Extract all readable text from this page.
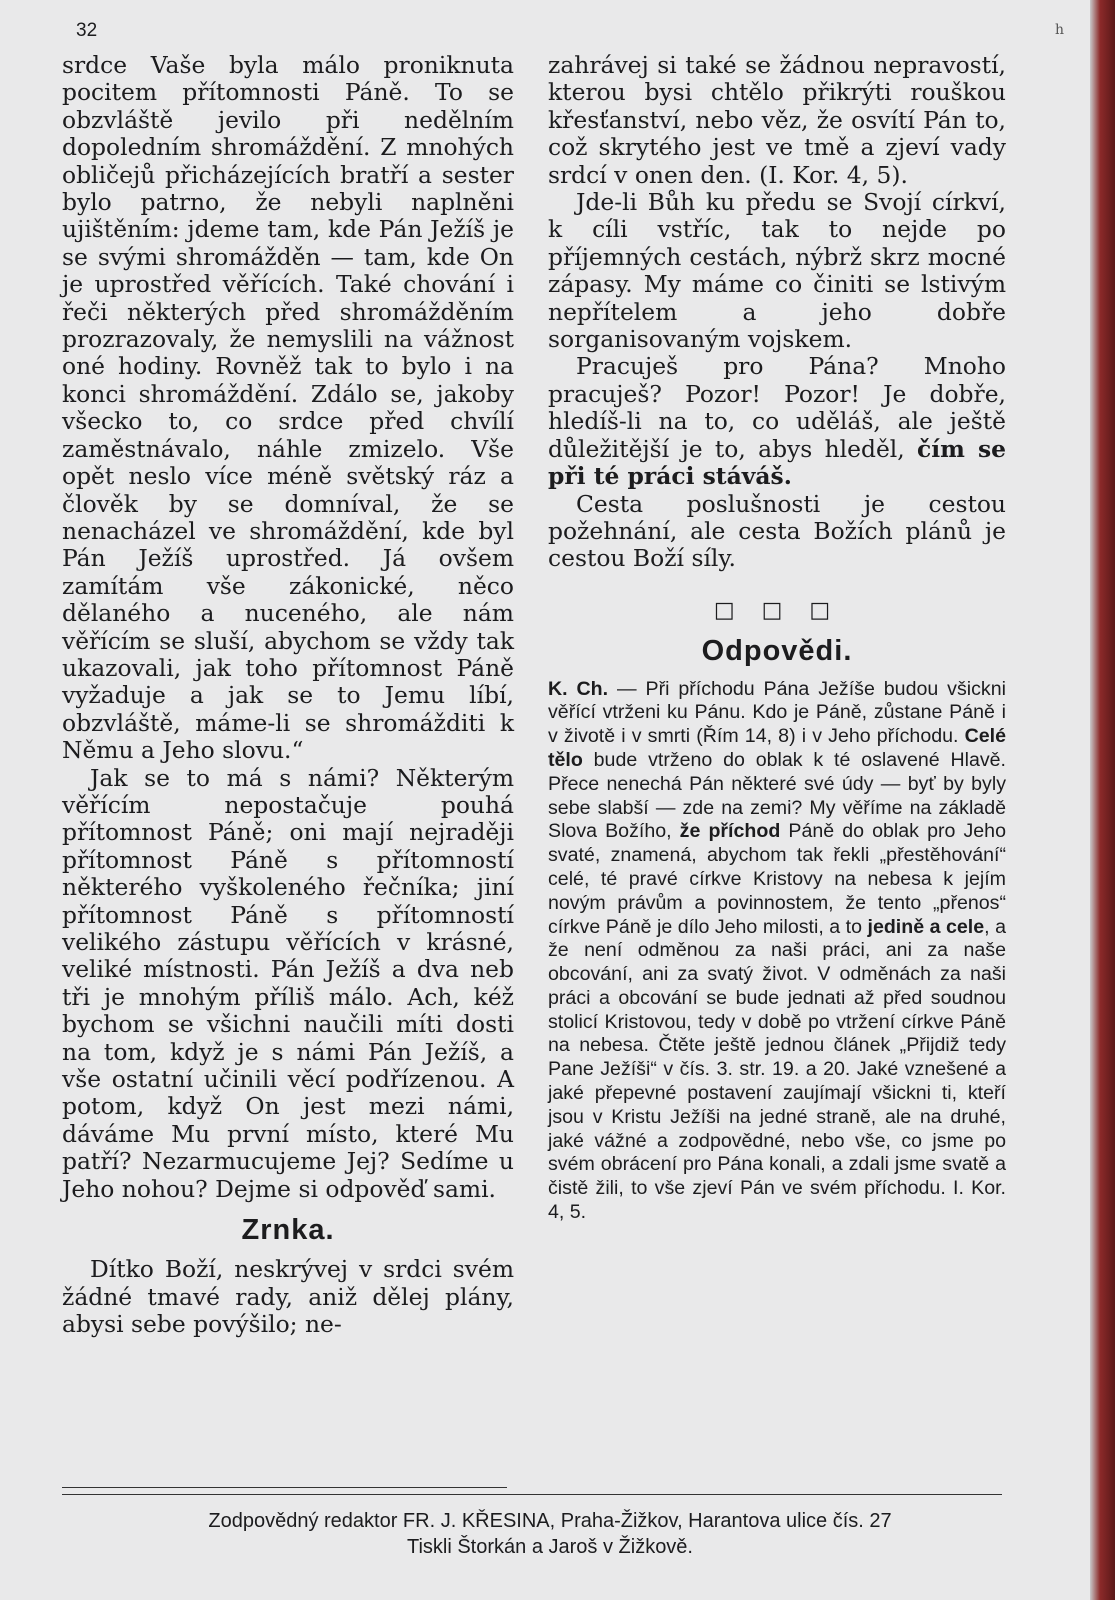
32	h

srdce Vaše byla málo proniknuta pocitem přítomnosti Páně. To se obzvláště jevilo při nedělním dopoledním shromáždění. Z mnohých obličejů přicházejících bratří a sester bylo patrno, že nebyli naplněni ujištěním: jdeme tam, kde Pán Ježíš je se svými shromážděn — tam, kde On je uprostřed věřících. Také chování i řeči některých před shromážděním prozrazovaly, že nemyslili na vážnost oné hodiny. Rovněž tak to bylo i na konci shromáždění. Zdálo se, jakoby všecko to, co srdce před chvílí zaměstnávalo, náhle zmizelo. Vše opět neslo více méně světský ráz a člověk by se domníval, že se nenacházel ve shromáždění, kde byl Pán Ježíš uprostřed. Já ovšem zamítám vše zákonické, něco dělaného a nuceného, ale nám věřícím se sluší, abychom se vždy tak ukazovali, jak toho přítomnost Páně vyžaduje a jak se to Jemu líbí, obzvláště, máme-li se shromážditi k Němu a Jeho slovu.“

Jak se to má s námi? Některým věřícím nepostačuje pouhá přítomnost Páně; oni mají nejraději přítomnost Páně s přítomností některého vyškoleného řečníka; jiní přítomnost Páně s přítomností velikého zástupu věřících v krásné, veliké místnosti. Pán Ježíš a dva neb tři je mnohým příliš málo. Ach, kéž bychom se všichni naučili míti dosti na tom, když je s námi Pán Ježíš, a vše ostatní učinili věcí podřízenou. A potom, když On jest mezi námi, dáváme Mu první místo, které Mu patří? Nezarmucujeme Jej? Sedíme u Jeho nohou? Dejme si odpověď sami.

Zrnka.

Dítko Boží, neskrývej v srdci svém žádné tmavé rady, aniž dělej plány, abysi sebe povýšilo; ne-

zahrávej si také se žádnou nepravostí, kterou bysi chtělo přikrýti rouškou křesťanství, nebo věz, že osvítí Pán to, což skrytého jest ve tmě a zjeví vady srdcí v onen den. (I. Kor. 4, 5).

Jde-li Bůh ku předu se Svojí církví, k cíli vstříc, tak to nejde po příjemných cestách, nýbrž skrz mocné zápasy. My máme co činiti se lstivým nepřítelem a jeho dobře sorganisovaným vojskem.

Pracuješ pro Pána? Mnoho pracuješ? Pozor! Pozor! Je dobře, hledíš-li na to, co uděláš, ale ještě důležitější je to, abys hleděl, čím se při té práci stáváš.

Cesta poslušnosti je cestou požehnání, ale cesta Božích plánů je cestou Boží síly.

□ □ □
Odpovědi.

K. Ch. — Při příchodu Pána Ježíše budou všickni věřící vtrženi ku Pánu. Kdo je Páně, zůstane Páně i v životě i v smrti (Řím 14, 8) i v Jeho příchodu. Celé tělo bude vtrženo do oblak k té oslavené Hlavě. Přece nenechá Pán některé své údy — byť by byly sebe slabší — zde na zemi? My věříme na základě Slova Božího, že příchod Páně do oblak pro Jeho svaté, znamená, abychom tak řekli „přestěhování“ celé, té pravé církve Kristovy na nebesa k jejím novým právům a povinnostem, že tento „přenos“ církve Páně je dílo Jeho milosti, a to jedině a cele, a že není odměnou za naši práci, ani za naše obcování, ani za svatý život. V odměnách za naši práci a obcování se bude jednati až před soudnou stolicí Kristovou, tedy v době po vtržení církve Páně na nebesa. Čtěte ještě jednou článek „Přijdiž tedy Pane Ježíši“ v čís. 3. str. 19. a 20. Jaké vznešené a jaké přepevné postavení zaujímají všickni ti, kteří jsou v Kristu Ježíši na jedné straně, ale na druhé, jaké vážné a zodpovědné, nebo vše, co jsme po svém obrácení pro Pána konali, a zdali jsme svatě a čistě žili, to vše zjeví Pán ve svém příchodu. I. Kor. 4, 5.

Zodpovědný redaktor FR. J. KŘESINA, Praha-Žižkov, Harantova ulice čís. 27
Tiskli Štorkán a Jaroš v Žižkově.
